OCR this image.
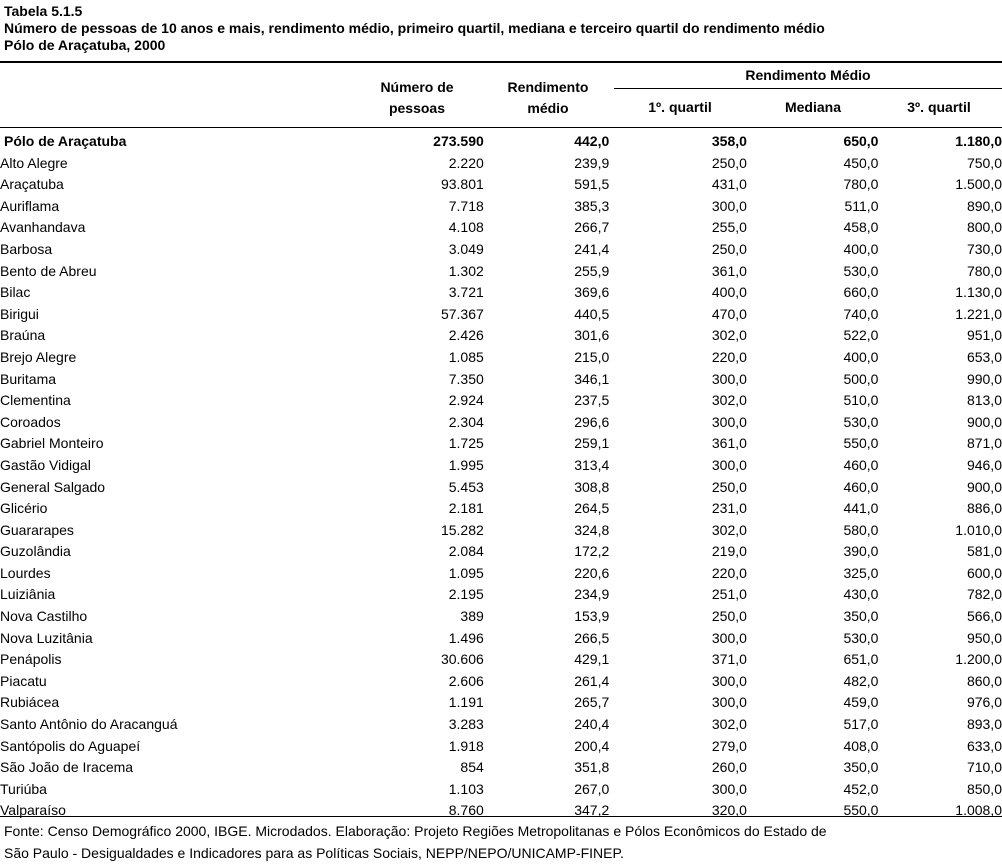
Tabela 5.1.5
Número de pessoas de 10 anos e mais, rendimento médio, primeiro quartil, mediana e terceiro quartil do rendimento médio
Pólo de Araçatuba, 2000
Número de
pessoas
Rendimento
médio
Rendimento Médio
1º. quartil	Mediana	3º. quartil
Pólo de Araçatuba	273.590	442,0	358,0	650,0	1.180,0
Alto Alegre	2.220	239,9	250,0	450,0	750,0
Araçatuba	93.801	591,5	431,0	780,0	1.500,0
Auriflama	7.718	385,3	300,0	511,0	890,0
Avanhandava	4.108	266,7	255,0	458,0	800,0
Barbosa	3.049	241,4	250,0	400,0	730,0
Bento de Abreu	1.302	255,9	361,0	530,0	780,0
Bilac	3.721	369,6	400,0	660,0	1.130,0
Birigui	57.367	440,5	470,0	740,0	1.221,0
Braúna	2.426	301,6	302,0	522,0	951,0
Brejo Alegre	1.085	215,0	220,0	400,0	653,0
Buritama	7.350	346,1	300,0	500,0	990,0
Clementina	2.924	237,5	302,0	510,0	813,0
Coroados	2.304	296,6	300,0	530,0	900,0
Gabriel Monteiro	1.725	259,1	361,0	550,0	871,0
Gastão Vidigal	1.995	313,4	300,0	460,0	946,0
General Salgado	5.453	308,8	250,0	460,0	900,0
Glicério	2.181	264,5	231,0	441,0	886,0
Guararapes	15.282	324,8	302,0	580,0	1.010,0
Guzolândia	2.084	172,2	219,0	390,0	581,0
Lourdes	1.095	220,6	220,0	325,0	600,0
Luiziânia	2.195	234,9	251,0	430,0	782,0
Nova Castilho	389	153,9	250,0	350,0	566,0
Nova Luzitânia	1.496	266,5	300,0	530,0	950,0
Penápolis	30.606	429,1	371,0	651,0	1.200,0
Piacatu	2.606	261,4	300,0	482,0	860,0
Rubiácea	1.191	265,7	300,0	459,0	976,0
Santo Antônio do Aracanguá	3.283	240,4	302,0	517,0	893,0
Santópolis do Aguapeí	1.918	200,4	279,0	408,0	633,0
São João de Iracema	854	351,8	260,0	350,0	710,0
Turiúba	1.103	267,0	300,0	452,0	850,0
Valparaíso	8.760	347,2	320,0	550,0	1.008,0
Fonte: Censo Demográfico 2000, IBGE. Microdados. Elaboração: Projeto Regiões Metropolitanas e Pólos Econômicos do Estado de
São Paulo - Desigualdades e Indicadores para as Políticas Sociais, NEPP/NEPO/UNICAMP-FINEP.
